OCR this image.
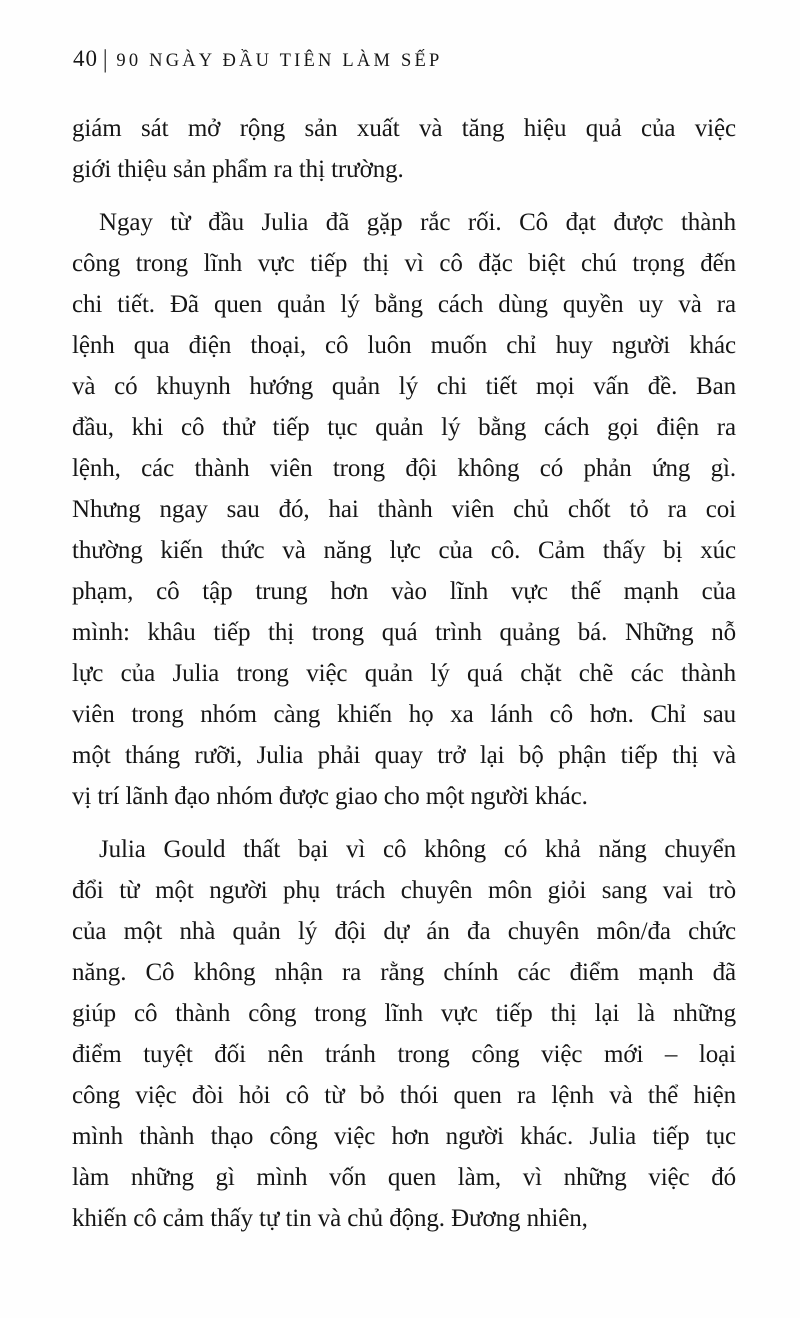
40 | 90 NGÀY ĐẦU TIÊN LÀM SẾP
giám sát mở rộng sản xuất và tăng hiệu quả của việc
giới thiệu sản phẩm ra thị trường.
Ngay từ đầu Julia đã gặp rắc rối. Cô đạt được thành
công trong lĩnh vực tiếp thị vì cô đặc biệt chú trọng đến
chi tiết. Đã quen quản lý bằng cách dùng quyền uy và ra
lệnh qua điện thoại, cô luôn muốn chỉ huy người khác
và có khuynh hướng quản lý chi tiết mọi vấn đề. Ban
đầu, khi cô thử tiếp tục quản lý bằng cách gọi điện ra
lệnh, các thành viên trong đội không có phản ứng gì.
Nhưng ngay sau đó, hai thành viên chủ chốt tỏ ra coi
thường kiến thức và năng lực của cô. Cảm thấy bị xúc
phạm, cô tập trung hơn vào lĩnh vực thế mạnh của
mình: khâu tiếp thị trong quá trình quảng bá. Những nỗ
lực của Julia trong việc quản lý quá chặt chẽ các thành
viên trong nhóm càng khiến họ xa lánh cô hơn. Chỉ sau
một tháng rưỡi, Julia phải quay trở lại bộ phận tiếp thị và
vị trí lãnh đạo nhóm được giao cho một người khác.
Julia Gould thất bại vì cô không có khả năng chuyển
đổi từ một người phụ trách chuyên môn giỏi sang vai trò
của một nhà quản lý đội dự án đa chuyên môn/đa chức
năng. Cô không nhận ra rằng chính các điểm mạnh đã
giúp cô thành công trong lĩnh vực tiếp thị lại là những
điểm tuyệt đối nên tránh trong công việc mới – loại
công việc đòi hỏi cô từ bỏ thói quen ra lệnh và thể hiện
mình thành thạo công việc hơn người khác. Julia tiếp tục
làm những gì mình vốn quen làm, vì những việc đó
khiến cô cảm thấy tự tin và chủ động. Đương nhiên,
